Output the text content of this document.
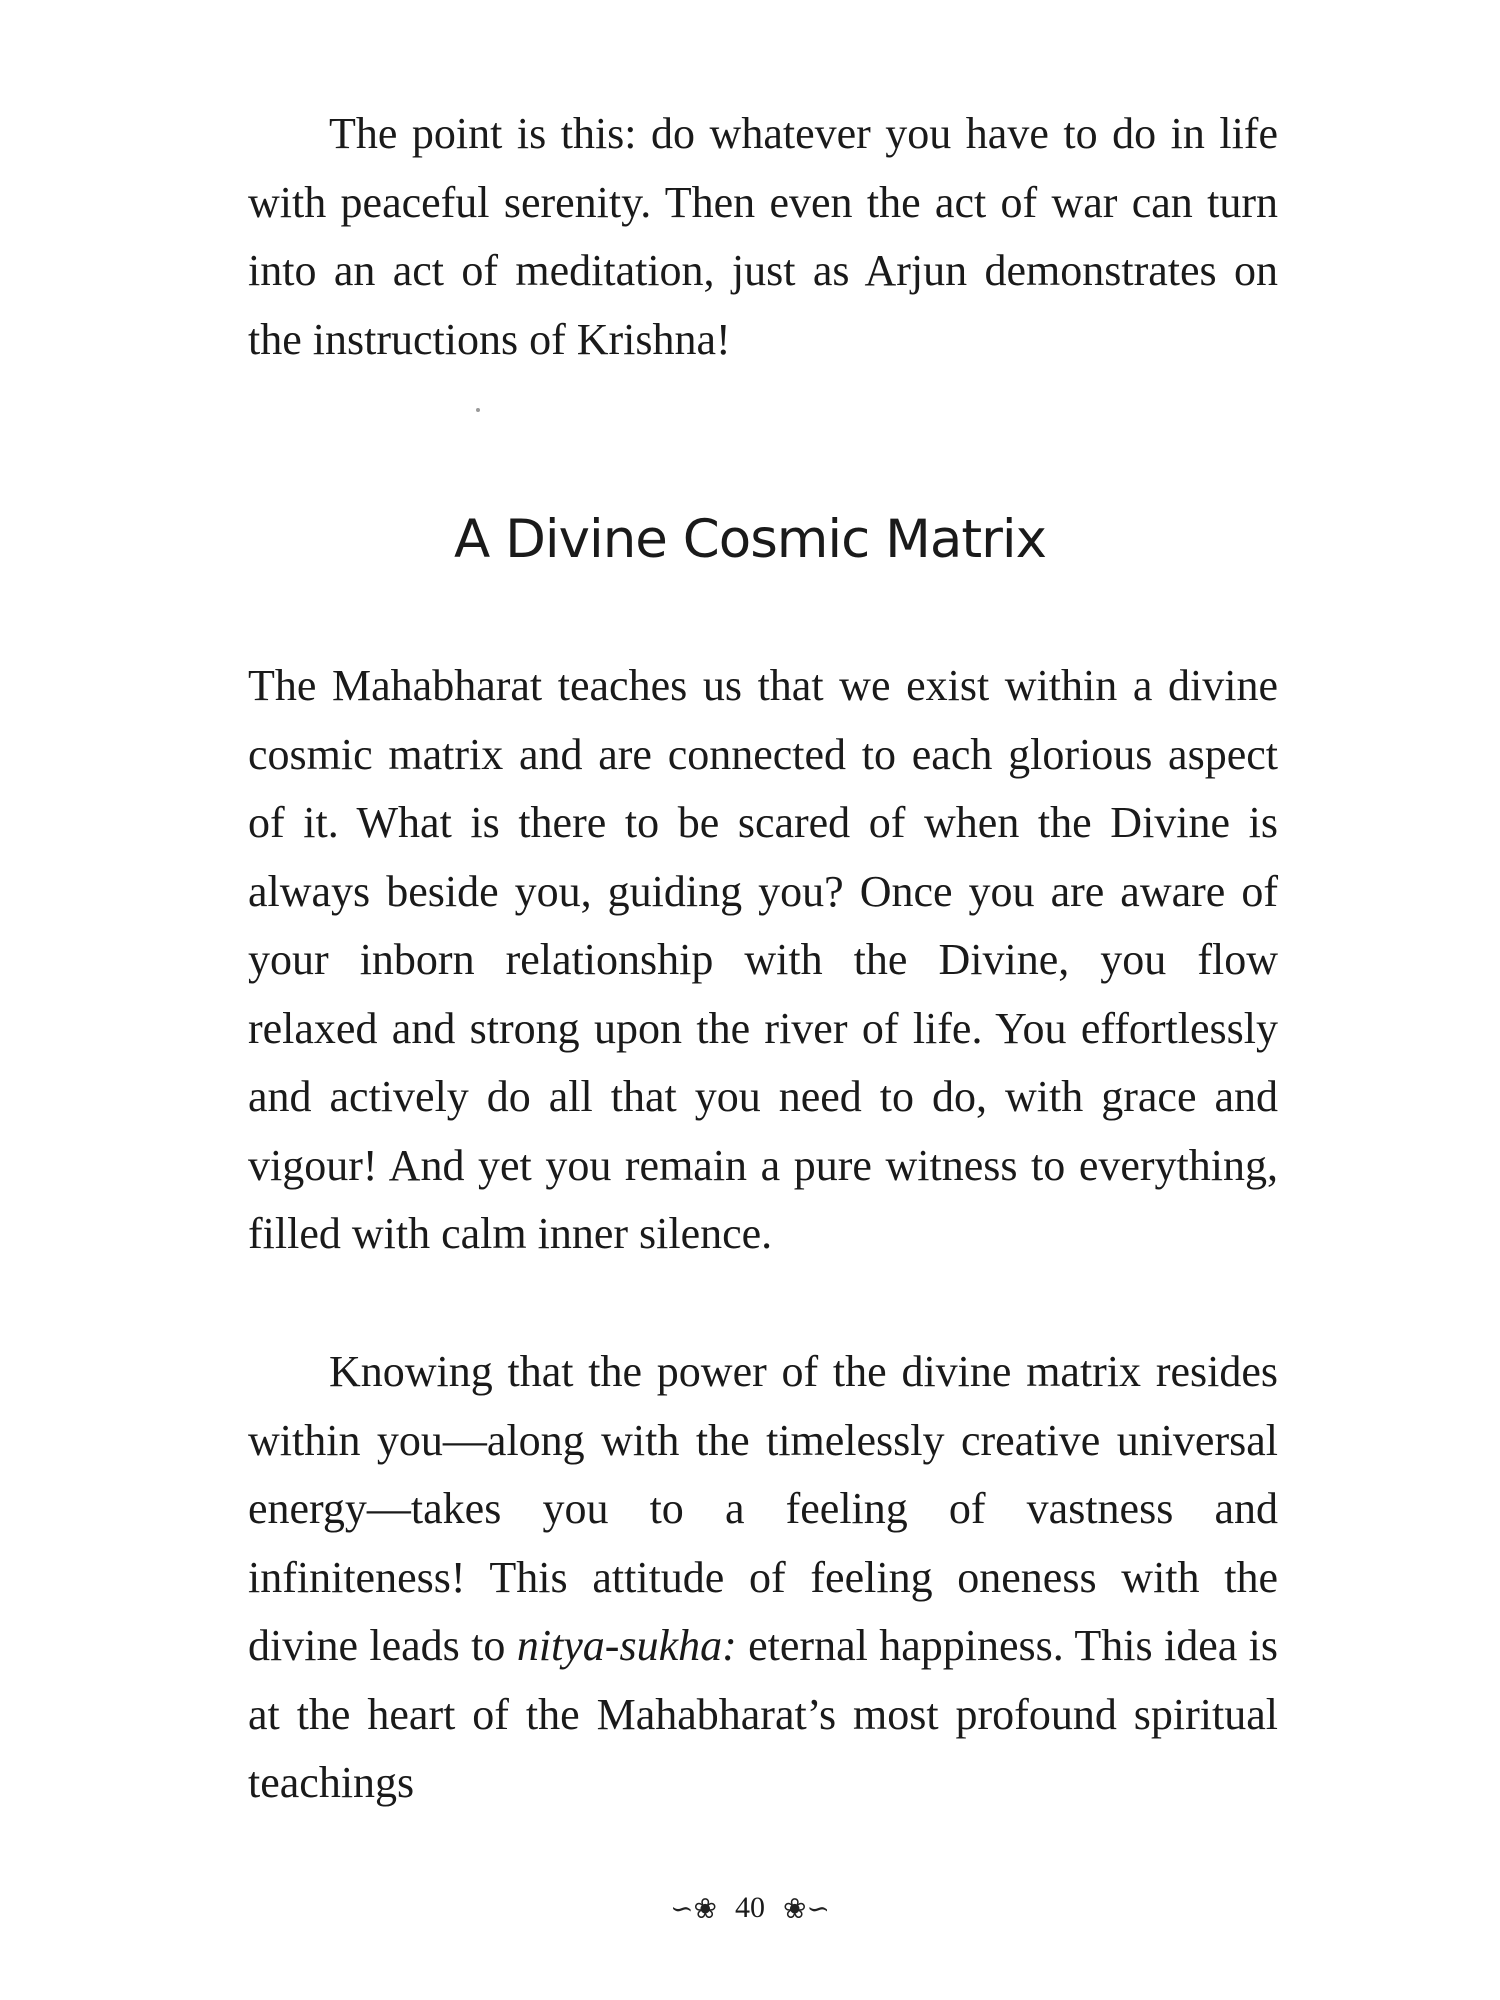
The point is this: do whatever you have to do in life with peaceful serenity. Then even the act of war can turn into an act of meditation, just as Arjun demonstrates on the instructions of Krishna!

A Divine Cosmic Matrix

The Mahabharat teaches us that we exist within a divine cosmic matrix and are connected to each glorious aspect of it. What is there to be scared of when the Divine is always beside you, guiding you? Once you are aware of your inborn relationship with the Divine, you flow relaxed and strong upon the river of life. You effortlessly and actively do all that you need to do, with grace and vigour! And yet you remain a pure witness to everything, filled with calm inner silence.

Knowing that the power of the divine matrix resides within you—along with the timelessly creative universal energy—takes you to a feeling of vastness and infiniteness! This attitude of feeling oneness with the divine leads to nitya-sukha: eternal happiness. This idea is at the heart of the Mahabharat’s most profound spiritual teachings

∽❀ 40 ❀∽
